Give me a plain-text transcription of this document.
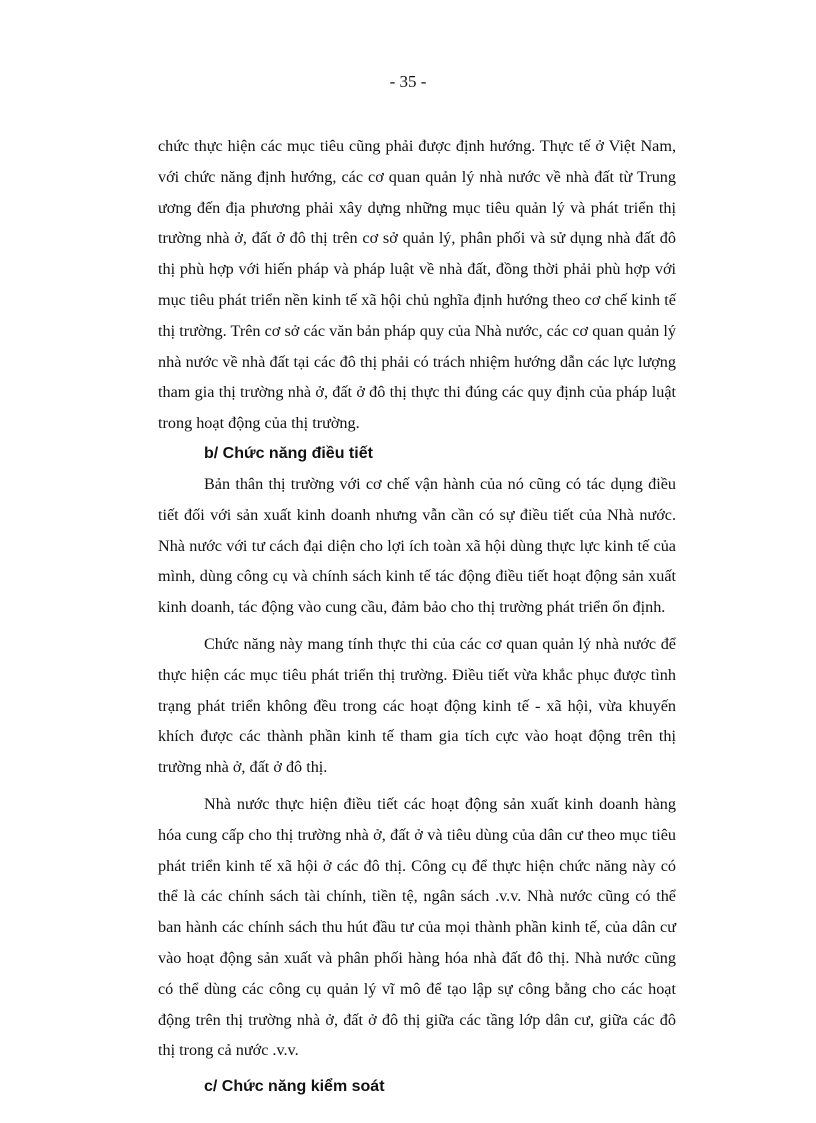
- 35 -

chức thực hiện các mục tiêu cũng phải được định hướng. Thực tế ở Việt Nam, với chức năng định hướng, các cơ quan quản lý nhà nước về nhà đất từ Trung ương đến địa phương phải xây dựng những mục tiêu quản lý và phát triển thị trường nhà ở, đất ở đô thị trên cơ sở quản lý, phân phối và sử dụng nhà đất đô thị phù hợp với hiến pháp và pháp luật về nhà đất, đồng thời phải phù hợp với mục tiêu phát triển nền kinh tế xã hội chủ nghĩa định hướng theo cơ chế kinh tế thị trường. Trên cơ sở các văn bản pháp quy của Nhà nước, các cơ quan quản lý nhà nước về nhà đất tại các đô thị phải có trách nhiệm hướng dẫn các lực lượng tham gia thị trường nhà ở, đất ở đô thị thực thi đúng các quy định của pháp luật trong hoạt động của thị trường.

b/ Chức năng điều tiết

Bản thân thị trường với cơ chế vận hành của nó cũng có tác dụng điều tiết đối với sản xuất kinh doanh nhưng vẫn cần có sự điều tiết của Nhà nước. Nhà nước với tư cách đại diện cho lợi ích toàn xã hội dùng thực lực kinh tế của mình, dùng công cụ và chính sách kinh tế tác động điều tiết hoạt động sản xuất kinh doanh, tác động vào cung cầu, đảm bảo cho thị trường phát triển ổn định.

Chức năng này mang tính thực thi của các cơ quan quản lý nhà nước để thực hiện các mục tiêu phát triển thị trường. Điều tiết vừa khắc phục được tình trạng phát triển không đều trong các hoạt động kinh tế - xã hội, vừa khuyến khích được các thành phần kinh tế tham gia tích cực vào hoạt động trên thị trường nhà ở, đất ở đô thị.

Nhà nước thực hiện điều tiết các hoạt động sản xuất kinh doanh hàng hóa cung cấp cho thị trường nhà ở, đất ở và tiêu dùng của dân cư theo mục tiêu phát triển kinh tế xã hội ở các đô thị. Công cụ để thực hiện chức năng này có thể là các chính sách tài chính, tiền tệ, ngân sách .v.v. Nhà nước cũng có thể ban hành các chính sách thu hút đầu tư của mọi thành phần kinh tế, của dân cư vào hoạt động sản xuất và phân phối hàng hóa nhà đất đô thị. Nhà nước cũng có thể dùng các công cụ quản lý vĩ mô để tạo lập sự công bằng cho các hoạt động trên thị trường nhà ở, đất ở đô thị giữa các tầng lớp dân cư, giữa các đô thị trong cả nước .v.v.

c/ Chức năng kiểm soát
